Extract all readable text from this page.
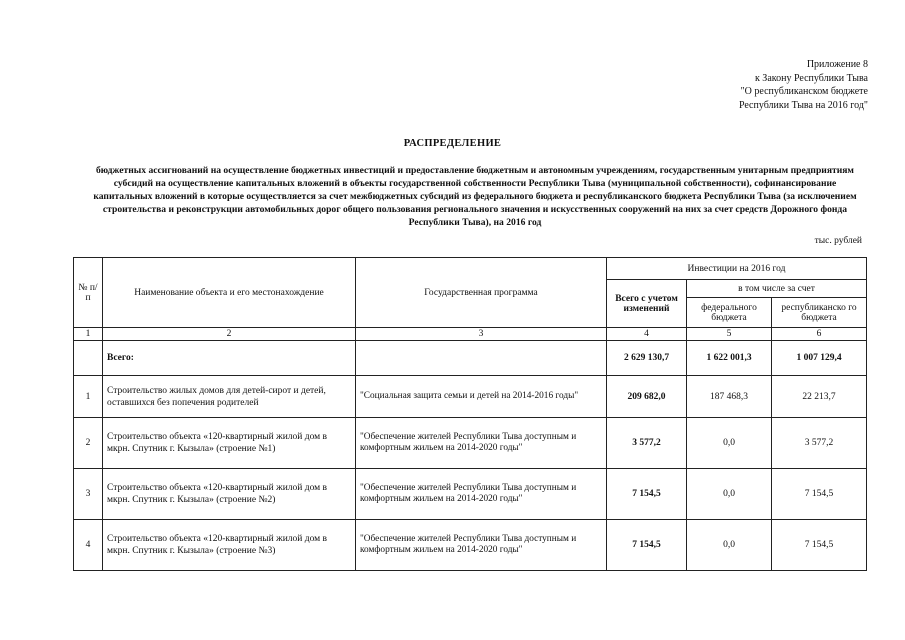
Приложение 8
к Закону Республики Тыва
"О республиканском бюджете
Республики Тыва на 2016 год"
РАСПРЕДЕЛЕНИЕ
бюджетных ассигнований на осуществление бюджетных инвестиций и предоставление бюджетным и автономным учреждениям, государственным унитарным предприятиям субсидий на осуществление капитальных вложений в объекты государственной собственности Республики Тыва (муниципальной собственности), софинансирование капитальных вложений в которые осуществляется за счет межбюджетных субсидий из федерального бюджета и республиканского бюджета Республики Тыва (за исключением строительства и реконструкции автомобильных дорог общего пользования регионального значения и искусственных сооружений на них за счет средств Дорожного фонда Республики Тыва), на 2016 год
тыс. рублей
№ п/п	Наименование объекта и его местонахождение	Государственная программа	Инвестиции на 2016 год		
			Всего с учетом изменений	в том числе за счет	
				федерального бюджета	республиканско го бюджета
1	2	3	4	5	6
	Всего:		2 629 130,7	1 622 001,3	1 007 129,4
1	Строительство жилых домов для детей-сирот и детей, оставшихся без попечения родителей	"Социальная защита семьи и детей на 2014-2016 годы"	209 682,0	187 468,3	22 213,7
2	Строительство объекта «120-квартирный жилой дом в мкрн. Спутник г. Кызыла» (строение №1)	"Обеспечение жителей Республики Тыва доступным и комфортным жильем на 2014-2020 годы"	3 577,2	0,0	3 577,2
3	Строительство объекта «120-квартирный жилой дом в мкрн. Спутник г. Кызыла» (строение №2)	"Обеспечение жителей Республики Тыва доступным и комфортным жильем на 2014-2020 годы"	7 154,5	0,0	7 154,5
4	Строительство объекта «120-квартирный жилой дом в мкрн. Спутник г. Кызыла» (строение №3)	"Обеспечение жителей Республики Тыва доступным и комфортным жильем на 2014-2020 годы"	7 154,5	0,0	7 154,5
